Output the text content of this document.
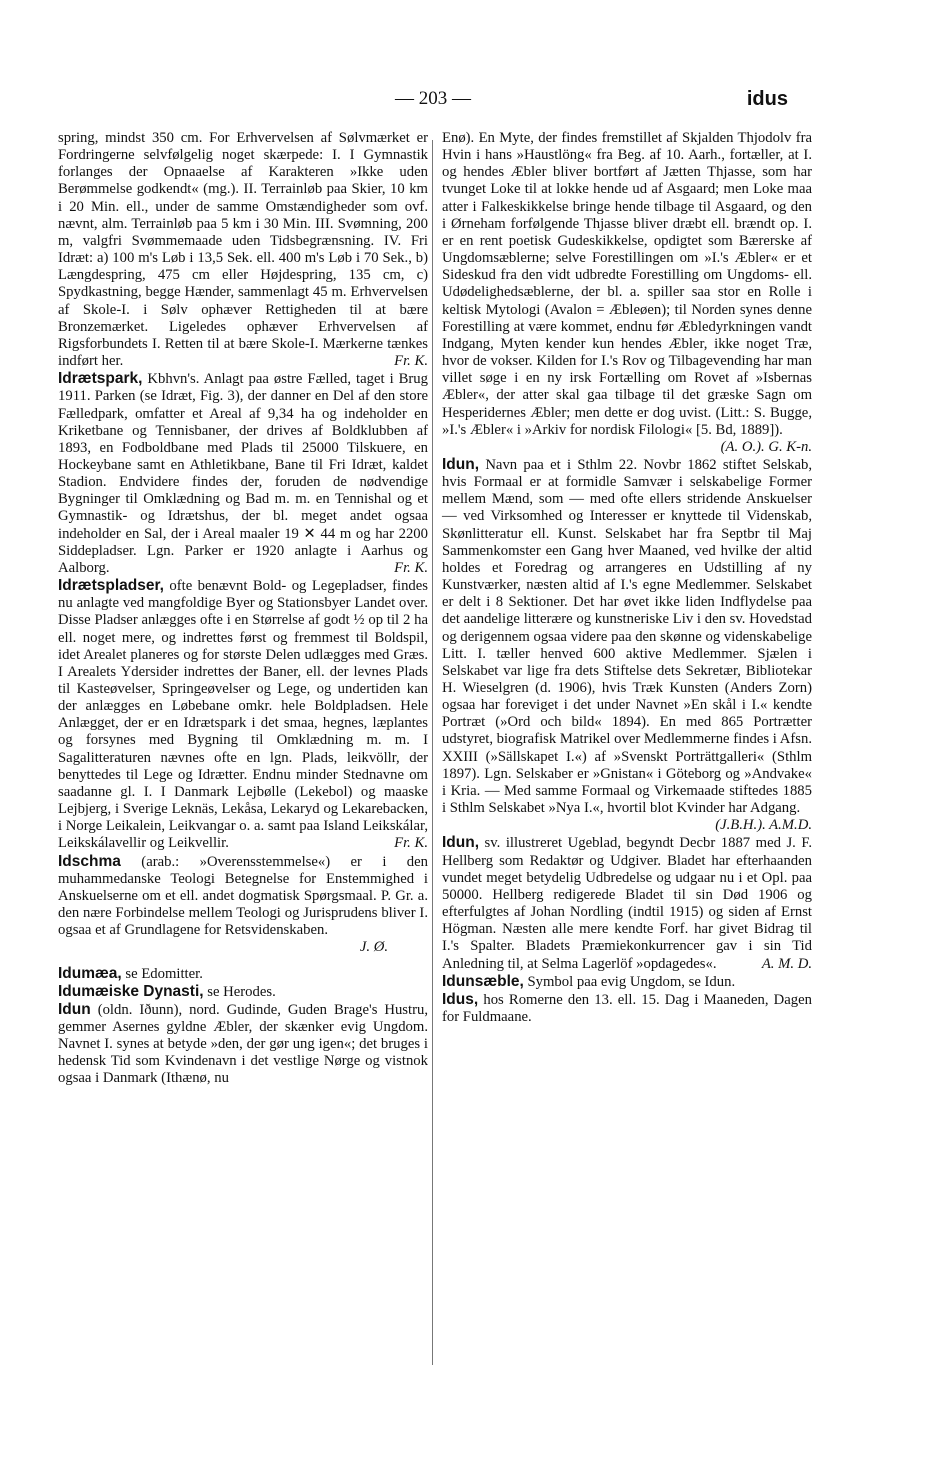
— 203 —	idus

spring, mindst 350 cm. For Erhvervelsen af Sølvmærket er Fordringerne selvfølgelig noget skærpede: I. I Gymnastik forlanges der Opnaaelse af Karakteren »Ikke uden Berømmelse godkendt« (mg.). II. Terrainløb paa Skier, 10 km i 20 Min. ell., under de samme Omstændigheder som ovf. nævnt, alm. Terrainløb paa 5 km i 30 Min. III. Svømning, 200 m, valgfri Svømmemaade uden Tidsbegrænsning. IV. Fri Idræt: a) 100 m's Løb i 13,5 Sek. ell. 400 m's Løb i 70 Sek., b) Længdespring, 475 cm eller Højdespring, 135 cm, c) Spydkastning, begge Hænder, sammenlagt 45 m. Erhvervelsen af Skole-I. i Sølv ophæver Rettigheden til at bære Bronzemærket. Ligeledes ophæver Erhvervelsen af Rigsforbundets I. Retten til at bære Skole-I. Mærkerne tænkes indført her.	Fr. K.

Idrætspark, Kbhvn's. Anlagt paa østre Fælled, taget i Brug 1911. Parken (se Idræt, Fig. 3), der danner en Del af den store Fælledpark, omfatter et Areal af 9,34 ha og indeholder en Kriketbane og Tennisbaner, der drives af Boldklubben af 1893, en Fodboldbane med Plads til 25000 Tilskuere, en Hockeybane samt en Athletikbane, Bane til Fri Idræt, kaldet Stadion. Endvidere findes der, foruden de nødvendige Bygninger til Omklædning og Bad m. m. en Tennishal og et Gymnastik- og Idrætshus, der bl. meget andet ogsaa indeholder en Sal, der i Areal maaler 19 ✕ 44 m og har 2200 Siddepladser. Lgn. Parker er 1920 anlagte i Aarhus og Aalborg.	Fr. K.

Idrætspladser, ofte benævnt Bold- og Legepladser, findes nu anlagte ved mangfoldige Byer og Stationsbyer Landet over. Disse Pladser anlægges ofte i en Størrelse af godt ½ op til 2 ha ell. noget mere, og indrettes først og fremmest til Boldspil, idet Arealet planeres og for største Delen udlægges med Græs. I Arealets Ydersider indrettes der Baner, ell. der levnes Plads til Kasteøvelser, Springeøvelser og Lege, og undertiden kan der anlægges en Løbebane omkr. hele Boldpladsen. Hele Anlægget, der er en Idrætspark i det smaa, hegnes, læplantes og forsynes med Bygning til Omklædning m. m. I Sagalitteraturen nævnes ofte en lgn. Plads, leikvöllr, der benyttedes til Lege og Idrætter. Endnu minder Stednavne om saadanne gl. I. I Danmark Lejbølle (Lekebol) og maaske Lejbjerg, i Sverige Leknäs, Lekåsa, Lekaryd og Lekarebacken, i Norge Leikalein, Leikvangar o. a. samt paa Island Leikskálar, Leikskálavellir og Leikvellir.	Fr. K.

Idschma (arab.: »Overensstemmelse«) er i den muhammedanske Teologi Betegnelse for Enstemmighed i Anskuelserne om et ell. andet dogmatisk Spørgsmaal. P. Gr. a. den nære Forbindelse mellem Teologi og Jurisprudens bliver I. ogsaa et af Grundlagene for Retsvidenskaben.
J. Ø.

Idumæa, se Edomitter.

Idumæiske Dynasti, se Herodes.

Idun (oldn. Iðunn), nord. Gudinde, Guden Brage's Hustru, gemmer Asernes gyldne Æbler, der skænker evig Ungdom. Navnet I. synes at betyde »den, der gør ung igen«; det bruges i hedensk Tid som Kvindenavn i det vestlige Nørge og vistnok ogsaa i Danmark (Ithænø, nu

Enø). En Myte, der findes fremstillet af Skjalden Thjodolv fra Hvin i hans »Haustlöng« fra Beg. af 10. Aarh., fortæller, at I. og hendes Æbler bliver bortført af Jætten Thjasse, som har tvunget Loke til at lokke hende ud af Asgaard; men Loke maa atter i Falkeskikkelse bringe hende tilbage til Asgaard, og den i Ørneham forfølgende Thjasse bliver dræbt ell. brændt op. I. er en rent poetisk Gudeskikkelse, opdigtet som Bærerske af Ungdomsæblerne; selve Forestillingen om »I.'s Æbler« er et Sideskud fra den vidt udbredte Forestilling om Ungdoms- ell. Udødelighedsæblerne, der bl. a. spiller saa stor en Rolle i keltisk Mytologi (Avalon = Æbleøen); til Norden synes denne Forestilling at være kommet, endnu før Æbledyrkningen vandt Indgang, Myten kender kun hendes Æbler, ikke noget Træ, hvor de vokser. Kilden for I.'s Rov og Tilbagevending har man villet søge i en ny irsk Fortælling om Rovet af »Isbernas Æbler«, der atter skal gaa tilbage til det græske Sagn om Hesperidernes Æbler; men dette er dog uvist. (Litt.: S. Bugge, »I.'s Æbler« i »Arkiv for nordisk Filologi« [5. Bd, 1889]).
(A. O.). G. K-n.

Idun, Navn paa et i Sthlm 22. Novbr 1862 stiftet Selskab, hvis Formaal er at formidle Samvær i selskabelige Former mellem Mænd, som — med ofte ellers stridende Anskuelser — ved Virksomhed og Interesser er knyttede til Videnskab, Skønlitteratur ell. Kunst. Selskabet har fra Septbr til Maj Sammenkomster een Gang hver Maaned, ved hvilke der altid holdes et Foredrag og arrangeres en Udstilling af ny Kunstværker, næsten altid af I.'s egne Medlemmer. Selskabet er delt i 8 Sektioner. Det har øvet ikke liden Indflydelse paa det aandelige litterære og kunstneriske Liv i den sv. Hovedstad og derigennem ogsaa videre paa den skønne og videnskabelige Litt. I. tæller henved 600 aktive Medlemmer. Sjælen i Selskabet var lige fra dets Stiftelse dets Sekretær, Bibliotekar H. Wieselgren (d. 1906), hvis Træk Kunsten (Anders Zorn) ogsaa har foreviget i det under Navnet »En skål i I.« kendte Portræt (»Ord och bild« 1894). En med 865 Portrætter udstyret, biografisk Matrikel over Medlemmerne findes i Afsn. XXIII (»Sällskapet I.«) af »Svenskt Porträttgalleri« (Sthlm 1897). Lgn. Selskaber er »Gnistan« i Göteborg og »Andvake« i Kria. — Med samme Formaal og Virkemaade stiftedes 1885 i Sthlm Selskabet »Nya I.«, hvortil blot Kvinder har Adgang.
(J.B.H.). A.M.D.

Idun, sv. illustreret Ugeblad, begyndt Decbr 1887 med J. F. Hellberg som Redaktør og Udgiver. Bladet har efterhaanden vundet meget betydelig Udbredelse og udgaar nu i et Opl. paa 50000. Hellberg redigerede Bladet til sin Død 1906 og efterfulgtes af Johan Nordling (indtil 1915) og siden af Ernst Högman. Næsten alle mere kendte Forf. har givet Bidrag til I.'s Spalter. Bladets Præmiekonkurrencer gav i sin Tid Anledning til, at Selma Lagerlöf »opdagedes«.	A. M. D.

Idunsæble, Symbol paa evig Ungdom, se Idun.

Idus, hos Romerne den 13. ell. 15. Dag i Maaneden, Dagen for Fuldmaane.
